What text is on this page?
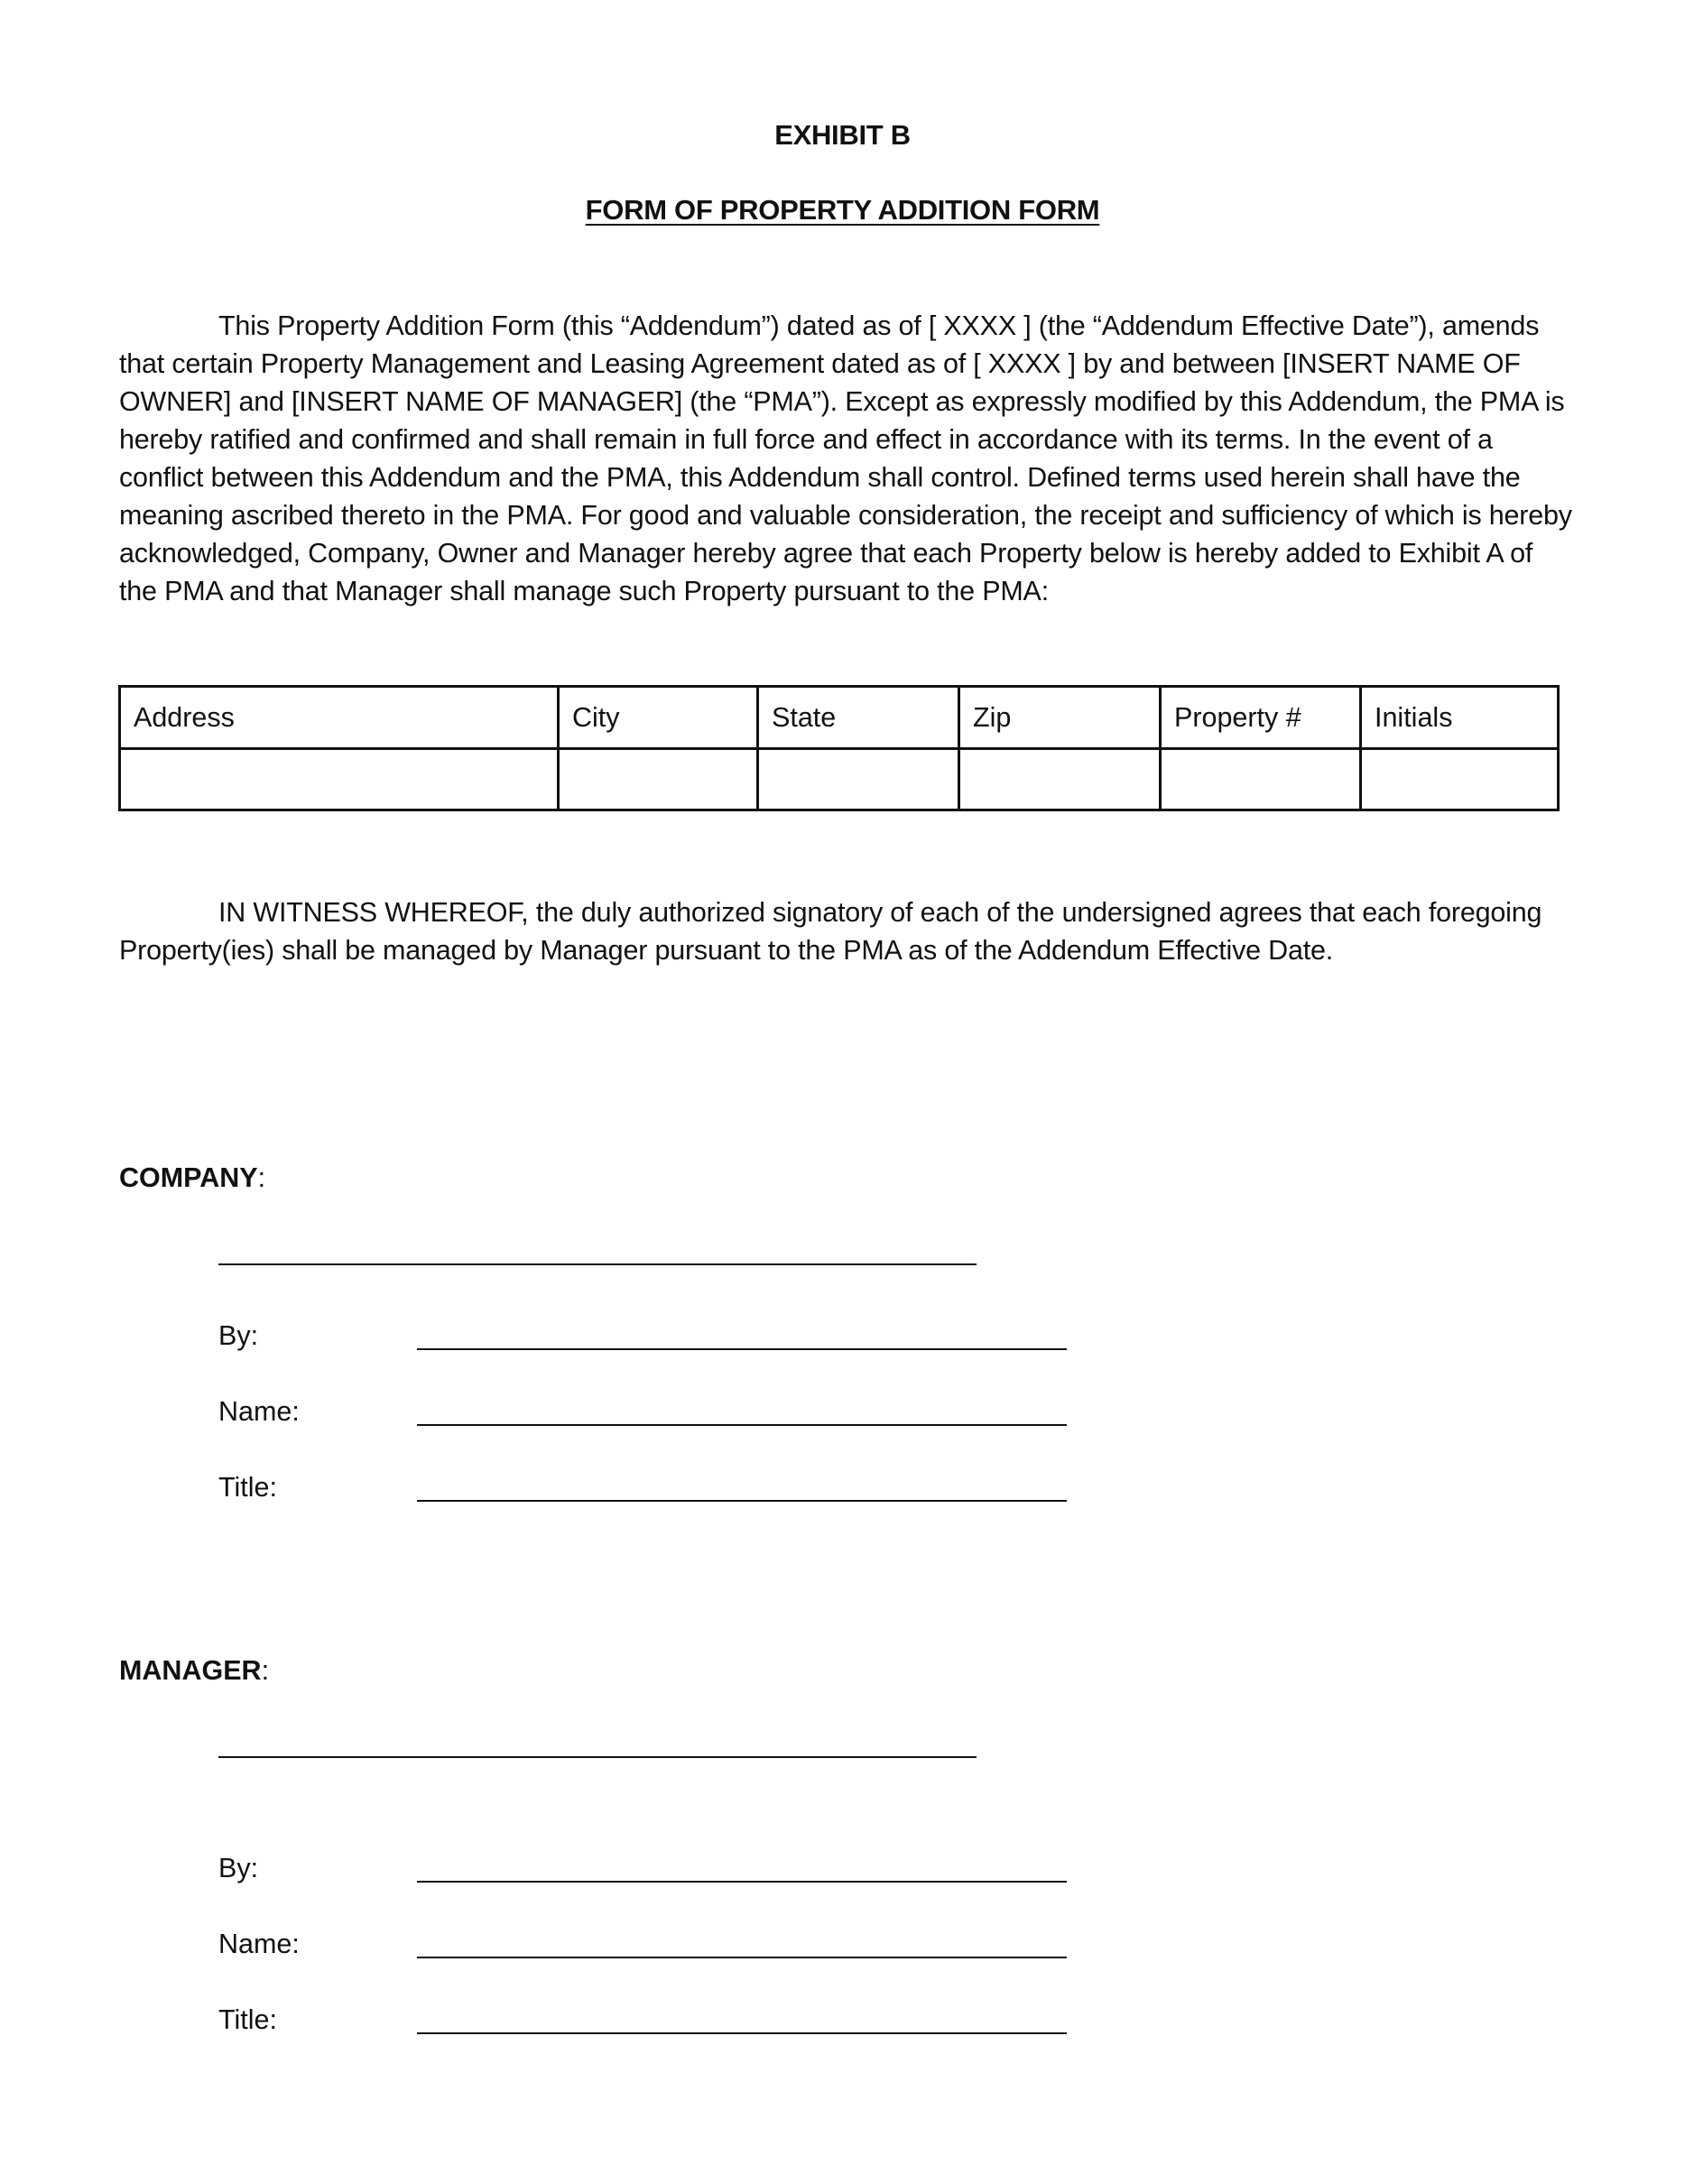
EXHIBIT B
FORM OF PROPERTY ADDITION FORM

This Property Addition Form (this “Addendum”) dated as of [ XXXX ] (the “Addendum Effective Date”), amends that certain Property Management and Leasing Agreement dated as of [ XXXX ] by and between [INSERT NAME OF OWNER] and [INSERT NAME OF MANAGER] (the “PMA”). Except as expressly modified by this Addendum, the PMA is hereby ratified and confirmed and shall remain in full force and effect in accordance with its terms. In the event of a conflict between this Addendum and the PMA, this Addendum shall control. Defined terms used herein shall have the meaning ascribed thereto in the PMA. For good and valuable consideration, the receipt and sufficiency of which is hereby acknowledged, Company, Owner and Manager hereby agree that each Property below is hereby added to Exhibit A of the PMA and that Manager shall manage such Property pursuant to the PMA:

Address	City	State	Zip	Property #	Initials

IN WITNESS WHEREOF, the duly authorized signatory of each of the undersigned agrees that each foregoing Property(ies) shall be managed by Manager pursuant to the PMA as of the Addendum Effective Date.

COMPANY:
By:
Name:
Title:
MANAGER:
By:
Name:
Title:
